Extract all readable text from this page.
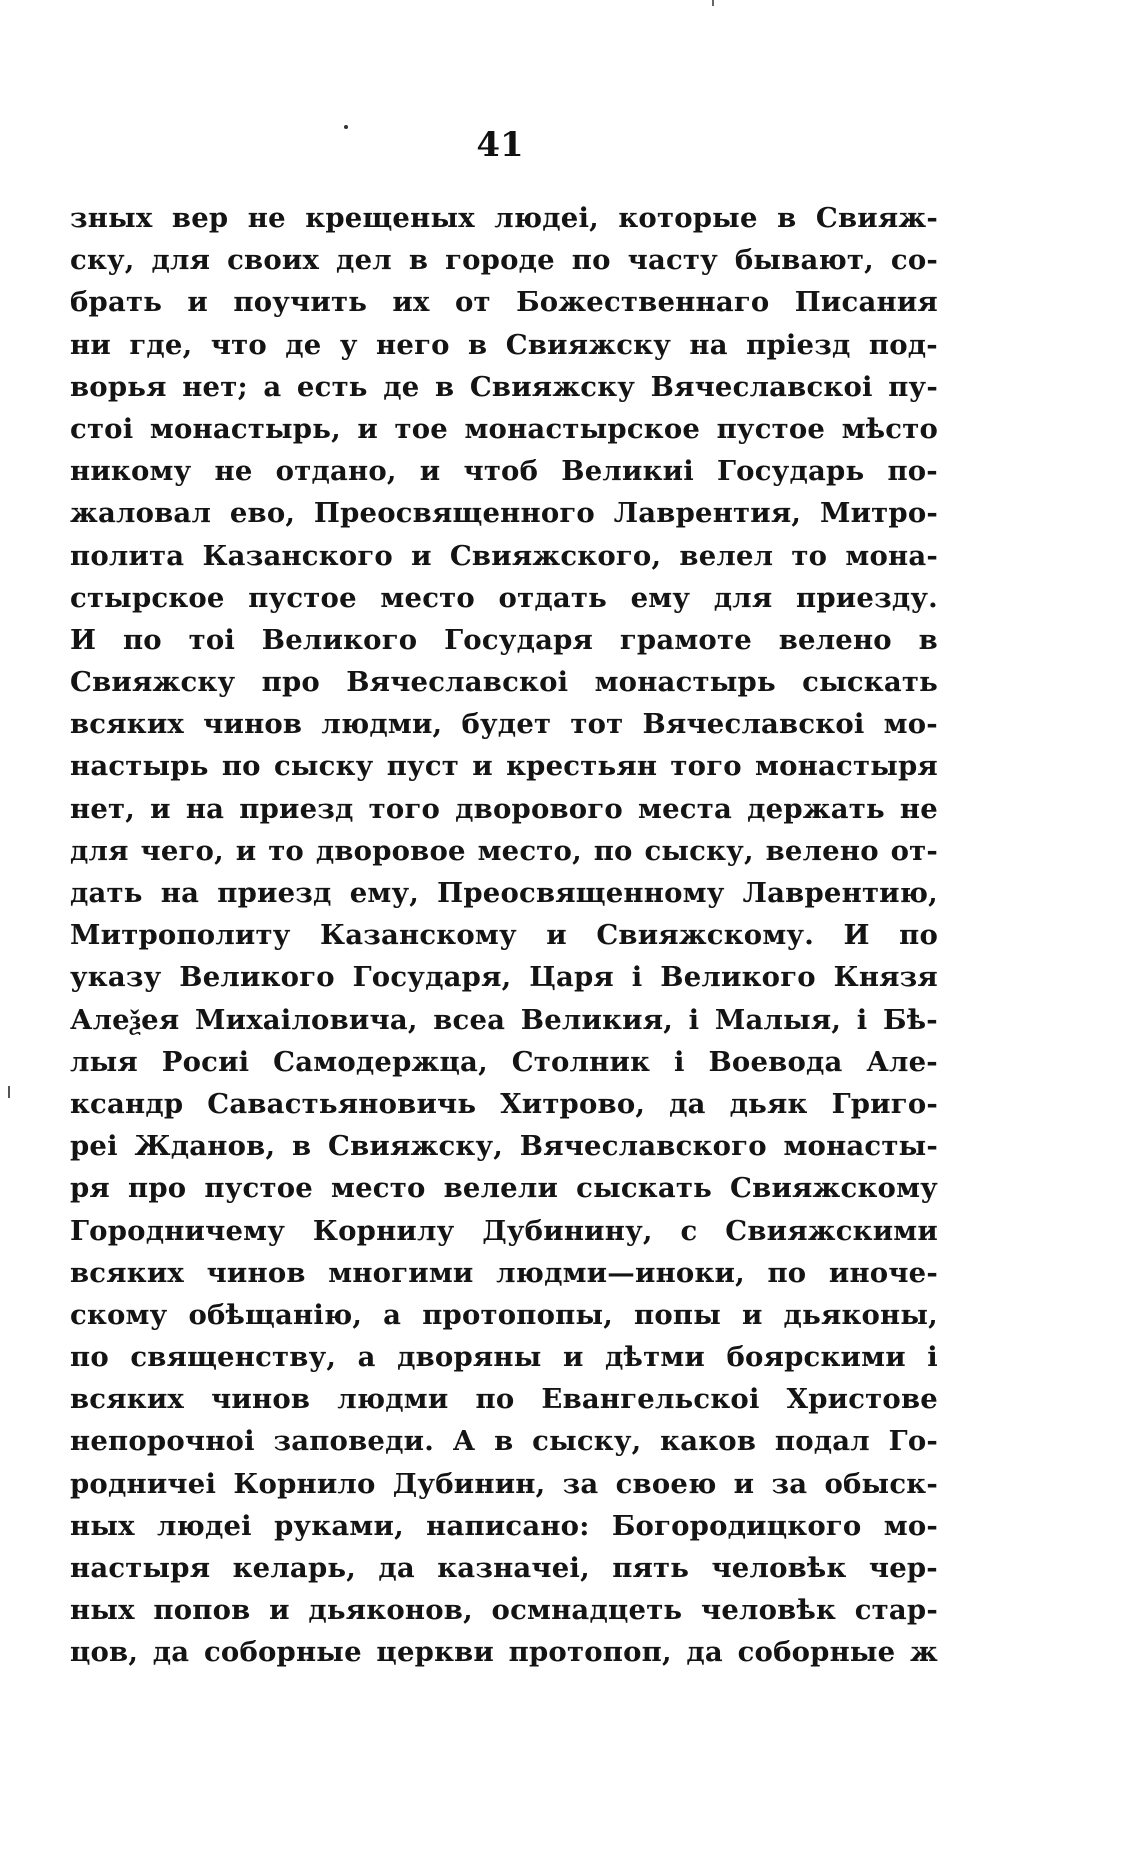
41
зных вер не крещеных людеі, которые в Свияж-
ску, для своих дел в городе по часту бывают, со-
брать и поучить их от Божественнаго Писания
ни где, что де у него в Свияжску на пріезд под-
ворья нет; а есть де в Свияжску Вячеславскоі пу-
стоі монастырь, и тое монастырское пустое мѣсто
никому не отдано, и чтоб Великиі Государь по-
жаловал ево, Преосвященного Лаврентия, Митро-
полита Казанского и Свияжского, велел то мона-
стырское пустое место отдать ему для приезду.
И по тоі Великого Государя грамоте велено в
Свияжску про Вячеславскоі монастырь сыскать
всяких чинов людми, будет тот Вячеславскоі мо-
настырь по сыску пуст и крестьян того монастыря
нет, и на приезд того дворового места держать не
для чего, и то дворовое место, по сыску, велено от-
дать на приезд ему, Преосвященному Лаврентию,
Митрополиту Казанскому и Свияжскому. И по
указу Великого Государя, Царя і Великого Князя
Алеѯея Михаіловича, всеа Великия, і Малыя, і Бѣ-
лыя Росиі Самодержца, Столник і Воевода Але-
ксандр Савастьяновичь Хитрово, да дьяк Григо-
реі Жданов, в Свияжску, Вячеславского монасты-
ря про пустое место велели сыскать Свияжскому
Городничему Корнилу Дубинину, с Свияжскими
всяких чинов многими людми—иноки, по иноче-
скому обѣщанію, а протопопы, попы и дьяконы,
по священству, а дворяны и дѣтми боярскими і
всяких чинов людми по Евангельскоі Христове
непорочноі заповеди. А в сыску, каков подал Го-
родничеі Корнило Дубинин, за своею и за обыск-
ных людеі руками, написано: Богородицкого мо-
настыря келарь, да казначеі, пять человѣк чер-
ных попов и дьяконов, осмнадцеть человѣк стар-
цов, да соборные церкви протопоп, да соборные ж
